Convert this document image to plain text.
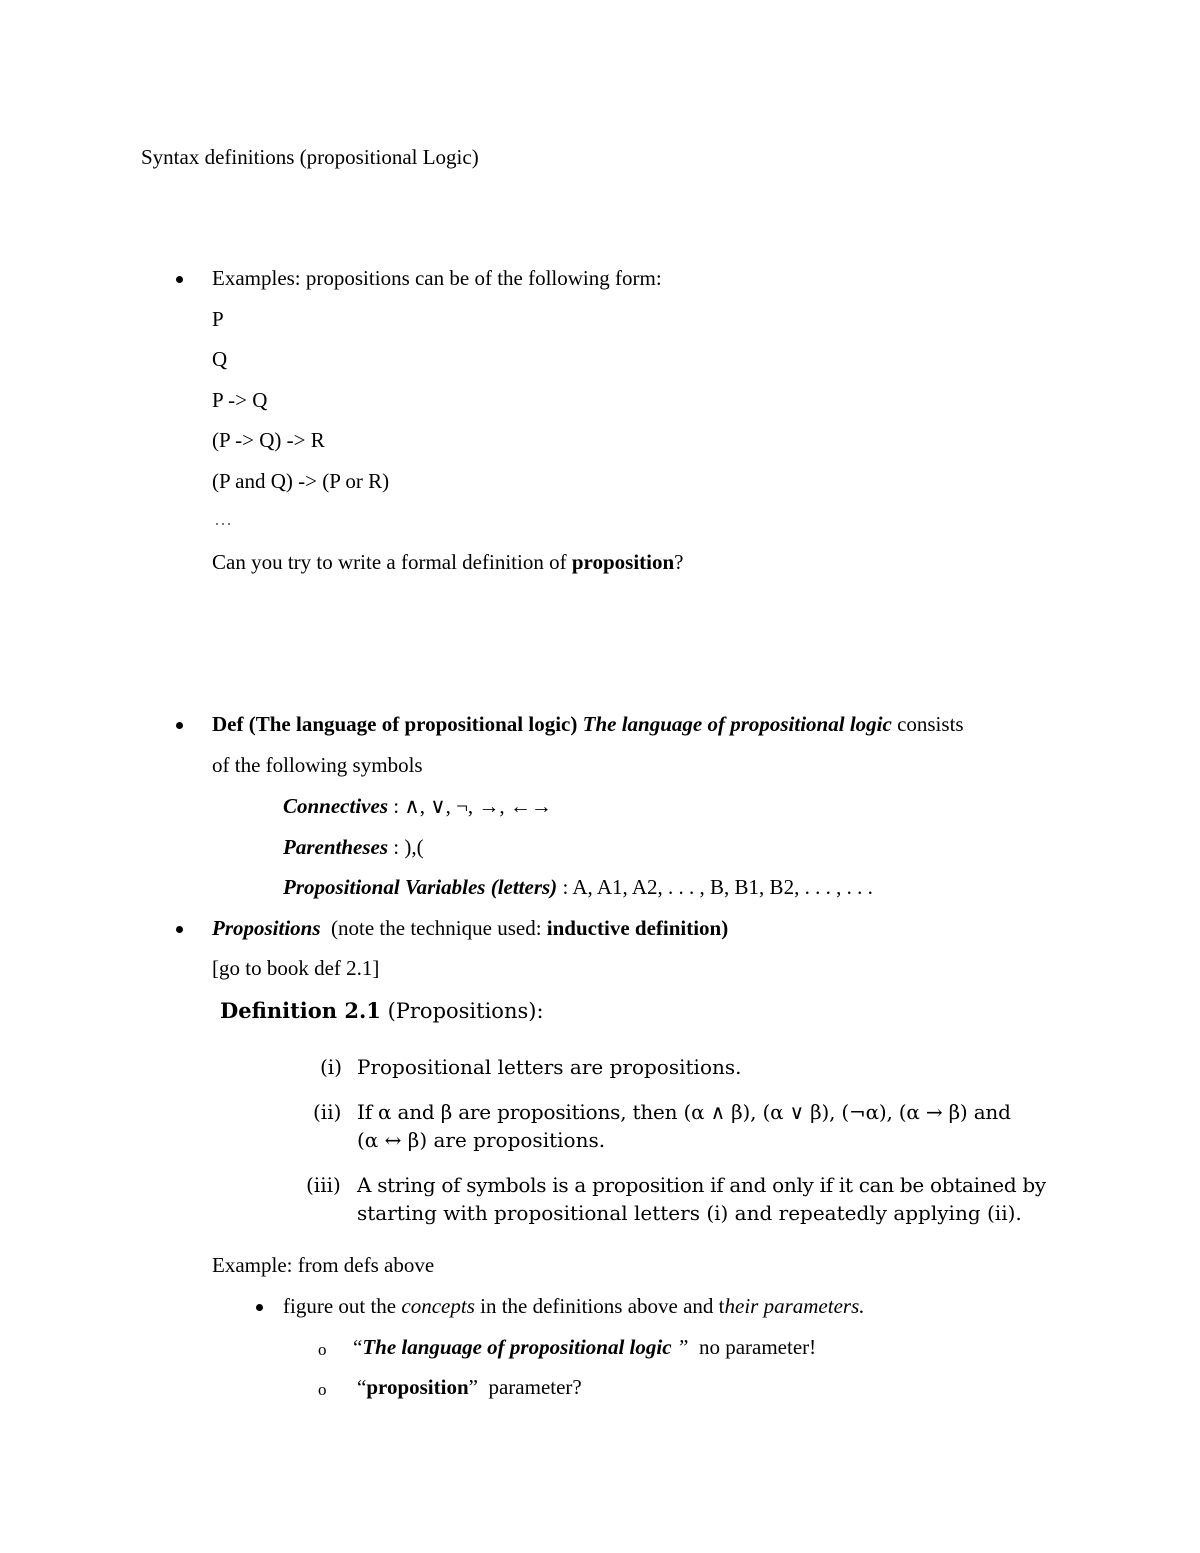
Syntax definitions (propositional Logic)
Examples: propositions can be of the following form:
P
Q
P -> Q
(P -> Q) -> R
(P and Q) -> (P or R)
…
Can you try to write a formal definition of proposition?
Def (The language of propositional logic) The language of propositional logic consists
of the following symbols
Connectives : ∧, ∨, ¬, →, ←→
Parentheses : ),(
Propositional Variables (letters) : A, A1, A2, . . . , B, B1, B2, . . . , . . .
Propositions  (note the technique used: inductive definition)
[go to book def 2.1]
Definition 2.1 (Propositions):
(i) Propositional letters are propositions.
(ii) If α and β are propositions, then (α ∧ β), (α ∨ β), (¬α), (α → β) and
(α ↔ β) are propositions.
(iii) A string of symbols is a proposition if and only if it can be obtained by
starting with propositional letters (i) and repeatedly applying (ii).
Example: from defs above
figure out the concepts in the definitions above and their parameters.
o “The language of propositional logic ”  no parameter!
o “proposition”  parameter?
